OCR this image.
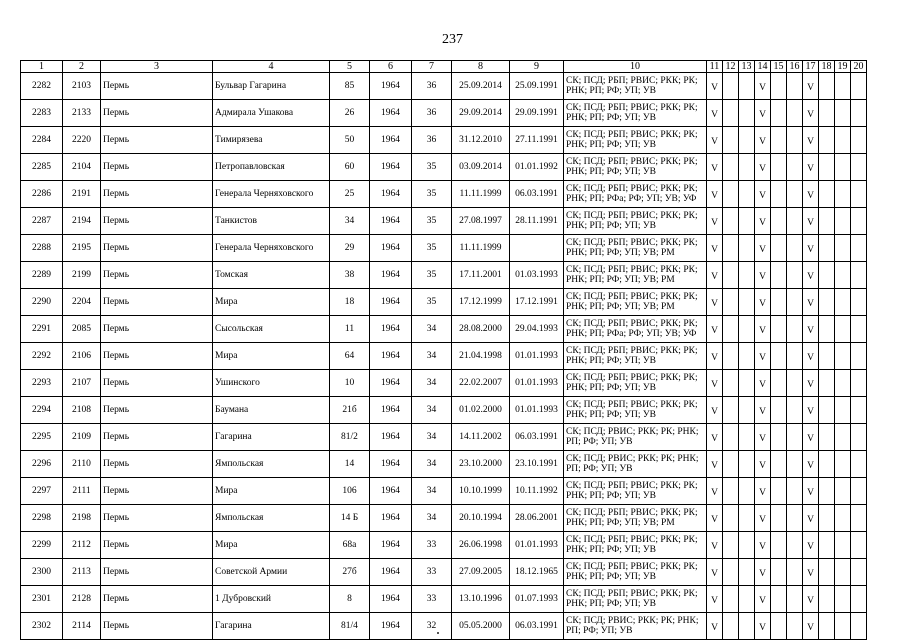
237
1	2	3	4	5	6	7	8	9	10	11	12	13	14	15	16	17	18	19	20
2282	2103	Пермь	Бульвар Гагарина	85	1964	36	25.09.2014	25.09.1991	СК; ПСД; РБП; РВИС; РКК; РК; РНК; РП; РФ; УП; УВ	V			V			V			
2283	2133	Пермь	Адмирала Ушакова	26	1964	36	29.09.2014	29.09.1991	СК; ПСД; РБП; РВИС; РКК; РК; РНК; РП; РФ; УП; УВ	V			V			V			
2284	2220	Пермь	Тимирязева	50	1964	36	31.12.2010	27.11.1991	СК; ПСД; РБП; РВИС; РКК; РК; РНК; РП; РФ; УП; УВ	V			V			V			
2285	2104	Пермь	Петропавловская	60	1964	35	03.09.2014	01.01.1992	СК; ПСД; РБП; РВИС; РКК; РК; РНК; РП; РФ; УП; УВ	V			V			V			
2286	2191	Пермь	Генерала Черняховского	25	1964	35	11.11.1999	06.03.1991	СК; ПСД; РБП; РВИС; РКК; РК; РНК; РП; РФа; РФ; УП; УВ; УФ	V			V			V			
2287	2194	Пермь	Танкистов	34	1964	35	27.08.1997	28.11.1991	СК; ПСД; РБП; РВИС; РКК; РК; РНК; РП; РФ; УП; УВ	V			V			V			
2288	2195	Пермь	Генерала Черняховского	29	1964	35	11.11.1999		СК; ПСД; РБП; РВИС; РКК; РК; РНК; РП; РФ; УП; УВ; РМ	V			V			V			
2289	2199	Пермь	Томская	38	1964	35	17.11.2001	01.03.1993	СК; ПСД; РБП; РВИС; РКК; РК; РНК; РП; РФ; УП; УВ; РМ	V			V			V			
2290	2204	Пермь	Мира	18	1964	35	17.12.1999	17.12.1991	СК; ПСД; РБП; РВИС; РКК; РК; РНК; РП; РФ; УП; УВ; РМ	V			V			V			
2291	2085	Пермь	Сысольская	11	1964	34	28.08.2000	29.04.1993	СК; ПСД; РБП; РВИС; РКК; РК; РНК; РП; РФа; РФ; УП; УВ; УФ	V			V			V			
2292	2106	Пермь	Мира	64	1964	34	21.04.1998	01.01.1993	СК; ПСД; РБП; РВИС; РКК; РК; РНК; РП; РФ; УП; УВ	V			V			V			
2293	2107	Пермь	Ушинского	10	1964	34	22.02.2007	01.01.1993	СК; ПСД; РБП; РВИС; РКК; РК; РНК; РП; РФ; УП; УВ	V			V			V			
2294	2108	Пермь	Баумана	21б	1964	34	01.02.2000	01.01.1993	СК; ПСД; РБП; РВИС; РКК; РК; РНК; РП; РФ; УП; УВ	V			V			V			
2295	2109	Пермь	Гагарина	81/2	1964	34	14.11.2002	06.03.1991	СК; ПСД; РВИС; РКК; РК; РНК; РП; РФ; УП; УВ	V			V			V			
2296	2110	Пермь	Ямпольская	14	1964	34	23.10.2000	23.10.1991	СК; ПСД; РВИС; РКК; РК; РНК; РП; РФ; УП; УВ	V			V			V			
2297	2111	Пермь	Мира	106	1964	34	10.10.1999	10.11.1992	СК; ПСД; РБП; РВИС; РКК; РК; РНК; РП; РФ; УП; УВ	V			V			V			
2298	2198	Пермь	Ямпольская	14 Б	1964	34	20.10.1994	28.06.2001	СК; ПСД; РБП; РВИС; РКК; РК; РНК; РП; РФ; УП; УВ; РМ	V			V			V			
2299	2112	Пермь	Мира	68а	1964	33	26.06.1998	01.01.1993	СК; ПСД; РБП; РВИС; РКК; РК; РНК; РП; РФ; УП; УВ	V			V			V			
2300	2113	Пермь	Советской Армии	27б	1964	33	27.09.2005	18.12.1965	СК; ПСД; РБП; РВИС; РКК; РК; РНК; РП; РФ; УП; УВ	V			V			V			
2301	2128	Пермь	1 Дубровский	8	1964	33	13.10.1996	01.07.1993	СК; ПСД; РБП; РВИС; РКК; РК; РНК; РП; РФ; УП; УВ	V			V			V			
2302	2114	Пермь	Гагарина	81/4	1964	32	05.05.2000	06.03.1991	СК; ПСД; РВИС; РКК; РК; РНК; РП; РФ; УП; УВ	V			V			V			
